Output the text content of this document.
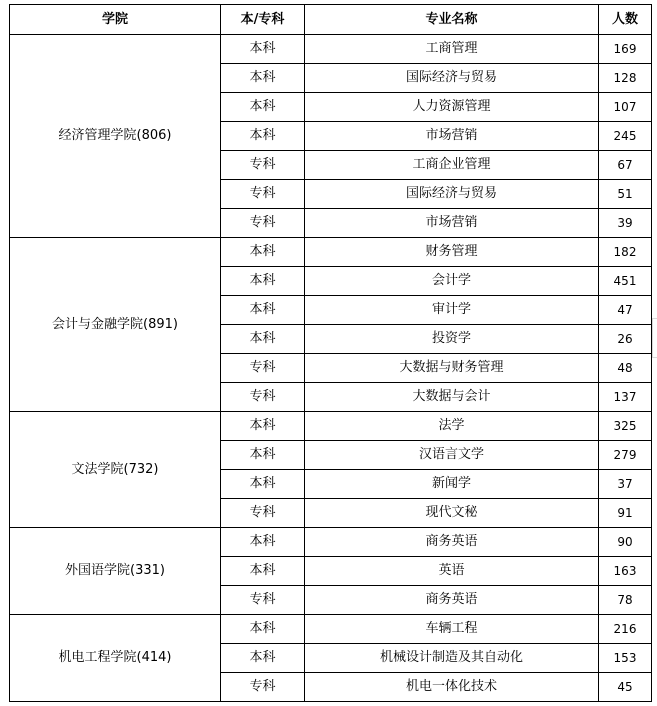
学院	本/专科	专业名称	人数
经济管理学院(806)	本科	工商管理	169
	本科	国际经济与贸易	128
	本科	人力资源管理	107
	本科	市场营销	245
	专科	工商企业管理	67
	专科	国际经济与贸易	51
	专科	市场营销	39
会计与金融学院(891)	本科	财务管理	182
	本科	会计学	451
	本科	审计学	47
	本科	投资学	26
	专科	大数据与财务管理	48
	专科	大数据与会计	137
文法学院(732)	本科	法学	325
	本科	汉语言文学	279
	本科	新闻学	37
	专科	现代文秘	91
外国语学院(331)	本科	商务英语	90
	本科	英语	163
	专科	商务英语	78
机电工程学院(414)	本科	车辆工程	216
	本科	机械设计制造及其自动化	153
	专科	机电一体化技术	45
